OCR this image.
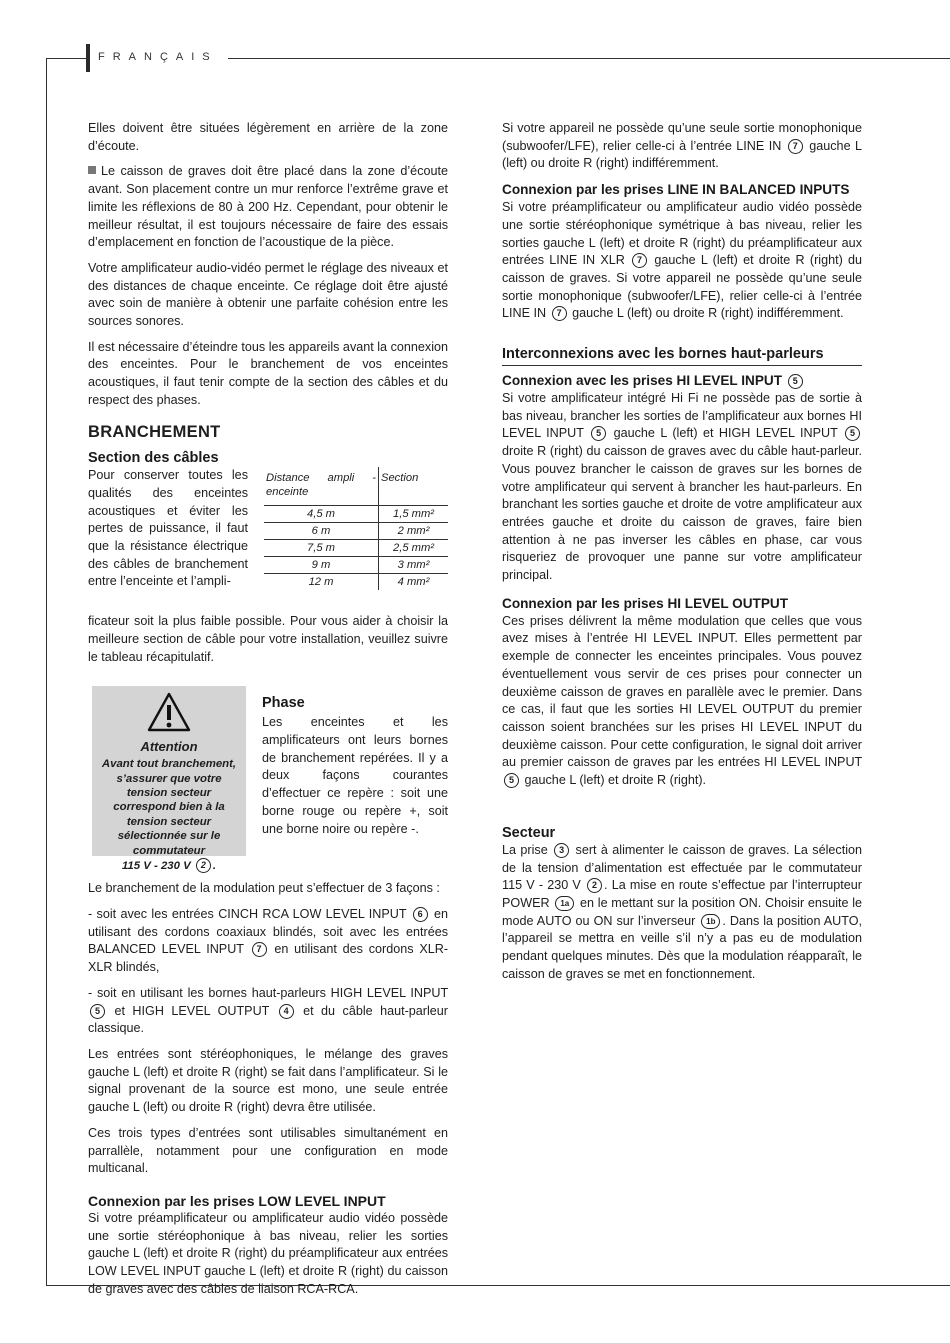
FRANÇAIS

Elles doivent être situées légèrement en arrière de la zone d’écoute.

Le caisson de graves doit être placé dans la zone d’écoute avant. Son placement contre un mur renforce l’extrême grave et limite les réflexions de 80 à 200 Hz. Cependant, pour obtenir le meilleur résultat, il est toujours nécessaire de faire des essais d’emplacement en fonction de l’acoustique de la pièce.

Votre amplificateur audio-vidéo permet le réglage des niveaux et des distances de chaque enceinte. Ce réglage doit être ajusté avec soin de manière à obtenir une parfaite cohésion entre les sources sonores.

Il est nécessaire d’éteindre tous les appareils avant la connexion des enceintes. Pour le branchement de vos enceintes acoustiques, il faut tenir compte de la section des câbles et du respect des phases.

BRANCHEMENT
Section des câbles
Pour conserver toutes les qualités des enceintes acoustiques et éviter les pertes de puissance, il faut que la résistance électrique des câbles de branchement entre l’enceinte et l’ampli-
Distance ampli - enceinte	Section
4,5 m	1,5 mm²
6 m	2 mm²
7,5 m	2,5 mm²
9 m	3 mm²
12 m	4 mm²

ficateur soit la plus faible possible. Pour vous aider à choisir la meilleure section de câble pour votre installation, veuillez suivre le tableau récapitulatif.

Attention
Avant tout branchement, s’assurer que votre tension secteur correspond bien à la tension secteur sélectionnée sur le commutateur
115 V - 230 V 2 .
Phase
Les enceintes et les amplificateurs ont leurs bornes de branchement repérées. Il y a deux façons courantes d’effectuer ce repère : soit une borne rouge ou repère +, soit une borne noire ou repère -.

Le branchement de la modulation peut s’effectuer de 3 façons :

- soit avec les entrées CINCH RCA LOW LEVEL INPUT 6 en utilisant des cordons coaxiaux blindés, soit avec les entrées BALANCED LEVEL INPUT 7 en utilisant des cordons XLR-XLR blindés,

- soit en utilisant les bornes haut-parleurs HIGH LEVEL INPUT 5 et HIGH LEVEL OUTPUT 4 et du câble haut-parleur classique.

Les entrées sont stéréophoniques, le mélange des graves gauche L (left) et droite R (right) se fait dans l’amplificateur. Si le signal provenant de la source est mono, une seule entrée gauche L (left) ou droite R (right) devra être utilisée.

Ces trois types d’entrées sont utilisables simultanément en parrallèle, notamment pour une configuration en mode multicanal.

Connexion par les prises LOW LEVEL INPUT

Si votre préamplificateur ou amplificateur audio vidéo possède une sortie stéréophonique à bas niveau, relier les sorties gauche L (left) et droite R (right) du préamplificateur aux entrées LOW LEVEL INPUT gauche L (left) et droite R (right) du caisson de graves avec des câbles de liaison RCA-RCA.

Si votre appareil ne possède qu’une seule sortie monophonique (subwoofer/LFE), relier celle-ci à l’entrée LINE IN 7 gauche L (left) ou droite R (right) indifféremment.

Connexion par les prises LINE IN BALANCED INPUTS

Si votre préamplificateur ou amplificateur audio vidéo possède une sortie stéréophonique symétrique à bas niveau, relier les sorties gauche L (left) et droite R (right) du préamplificateur aux entrées LINE IN XLR 7 gauche L (left) et droite R (right) du caisson de graves. Si votre appareil ne possède qu’une seule sortie monophonique (subwoofer/LFE), relier celle-ci à l’entrée LINE IN 7 gauche L (left) ou droite R (right) indifféremment.

Interconnexions avec les bornes haut-parleurs
Connexion avec les prises HI LEVEL INPUT 5

Si votre amplificateur intégré Hi Fi ne possède pas de sortie à bas niveau, brancher les sorties de l’amplificateur aux bornes HI LEVEL INPUT 5 gauche L (left) et HIGH LEVEL INPUT 5 droite R (right) du caisson de graves avec du câble haut-parleur. Vous pouvez brancher le caisson de graves sur les bornes de votre amplificateur qui servent à brancher les haut-parleurs. En branchant les sorties gauche et droite de votre amplificateur aux entrées gauche et droite du caisson de graves, faire bien attention à ne pas inverser les câbles en phase, car vous risqueriez de provoquer une panne sur votre amplificateur principal.

Connexion par les prises HI LEVEL OUTPUT

Ces prises délivrent la même modulation que celles que vous avez mises à l’entrée HI LEVEL INPUT. Elles permettent par exemple de connecter les enceintes principales. Vous pouvez éventuellement vous servir de ces prises pour connecter un deuxième caisson de graves en parallèle avec le premier. Dans ce cas, il faut que les sorties HI LEVEL OUTPUT du premier caisson soient branchées sur les prises HI LEVEL INPUT du deuxième caisson. Pour cette configuration, le signal doit arriver au premier caisson de graves par les entrées HI LEVEL INPUT 5 gauche L (left) et droite R (right).

Secteur

La prise 3 sert à alimenter le caisson de graves. La sélection de la tension d’alimentation est effectuée par le commutateur 115 V - 230 V 2 . La mise en route s’effectue par l’interrupteur POWER 1a en le mettant sur la position ON. Choisir ensuite le mode AUTO ou ON sur l’inverseur 1b . Dans la position AUTO, l’appareil se mettra en veille s’il n’y a pas eu de modulation pendant quelques minutes. Dès que la modulation réapparaît, le caisson de graves se met en fonctionnement.
